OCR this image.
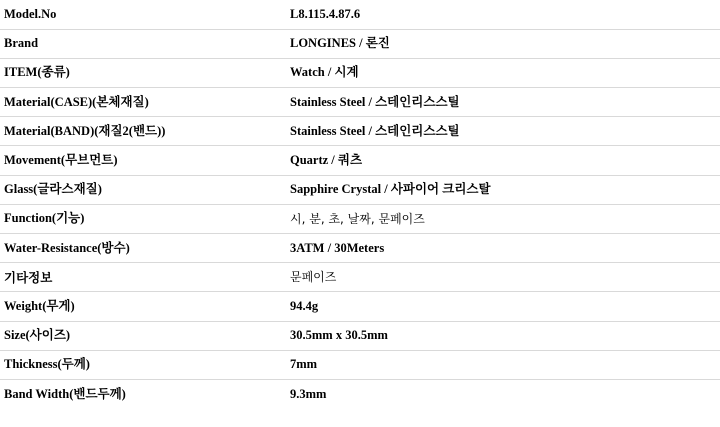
Model.No	L8.115.4.87.6
Brand	LONGINES / 론진
ITEM(종류)	Watch / 시계
Material(CASE)(본체재질)	Stainless Steel / 스테인리스스틸
Material(BAND)(재질2(밴드))	Stainless Steel / 스테인리스스틸
Movement(무브먼트)	Quartz / 쿼츠
Glass(글라스재질)	Sapphire Crystal / 사파이어 크리스탈
Function(기능)	시, 분, 초, 날짜, 문페이즈
Water-Resistance(방수)	3ATM / 30Meters
기타정보	문페이즈
Weight(무게)	94.4g
Size(사이즈)	30.5mm x 30.5mm
Thickness(두께)	7mm
Band Width(밴드두께)	9.3mm
